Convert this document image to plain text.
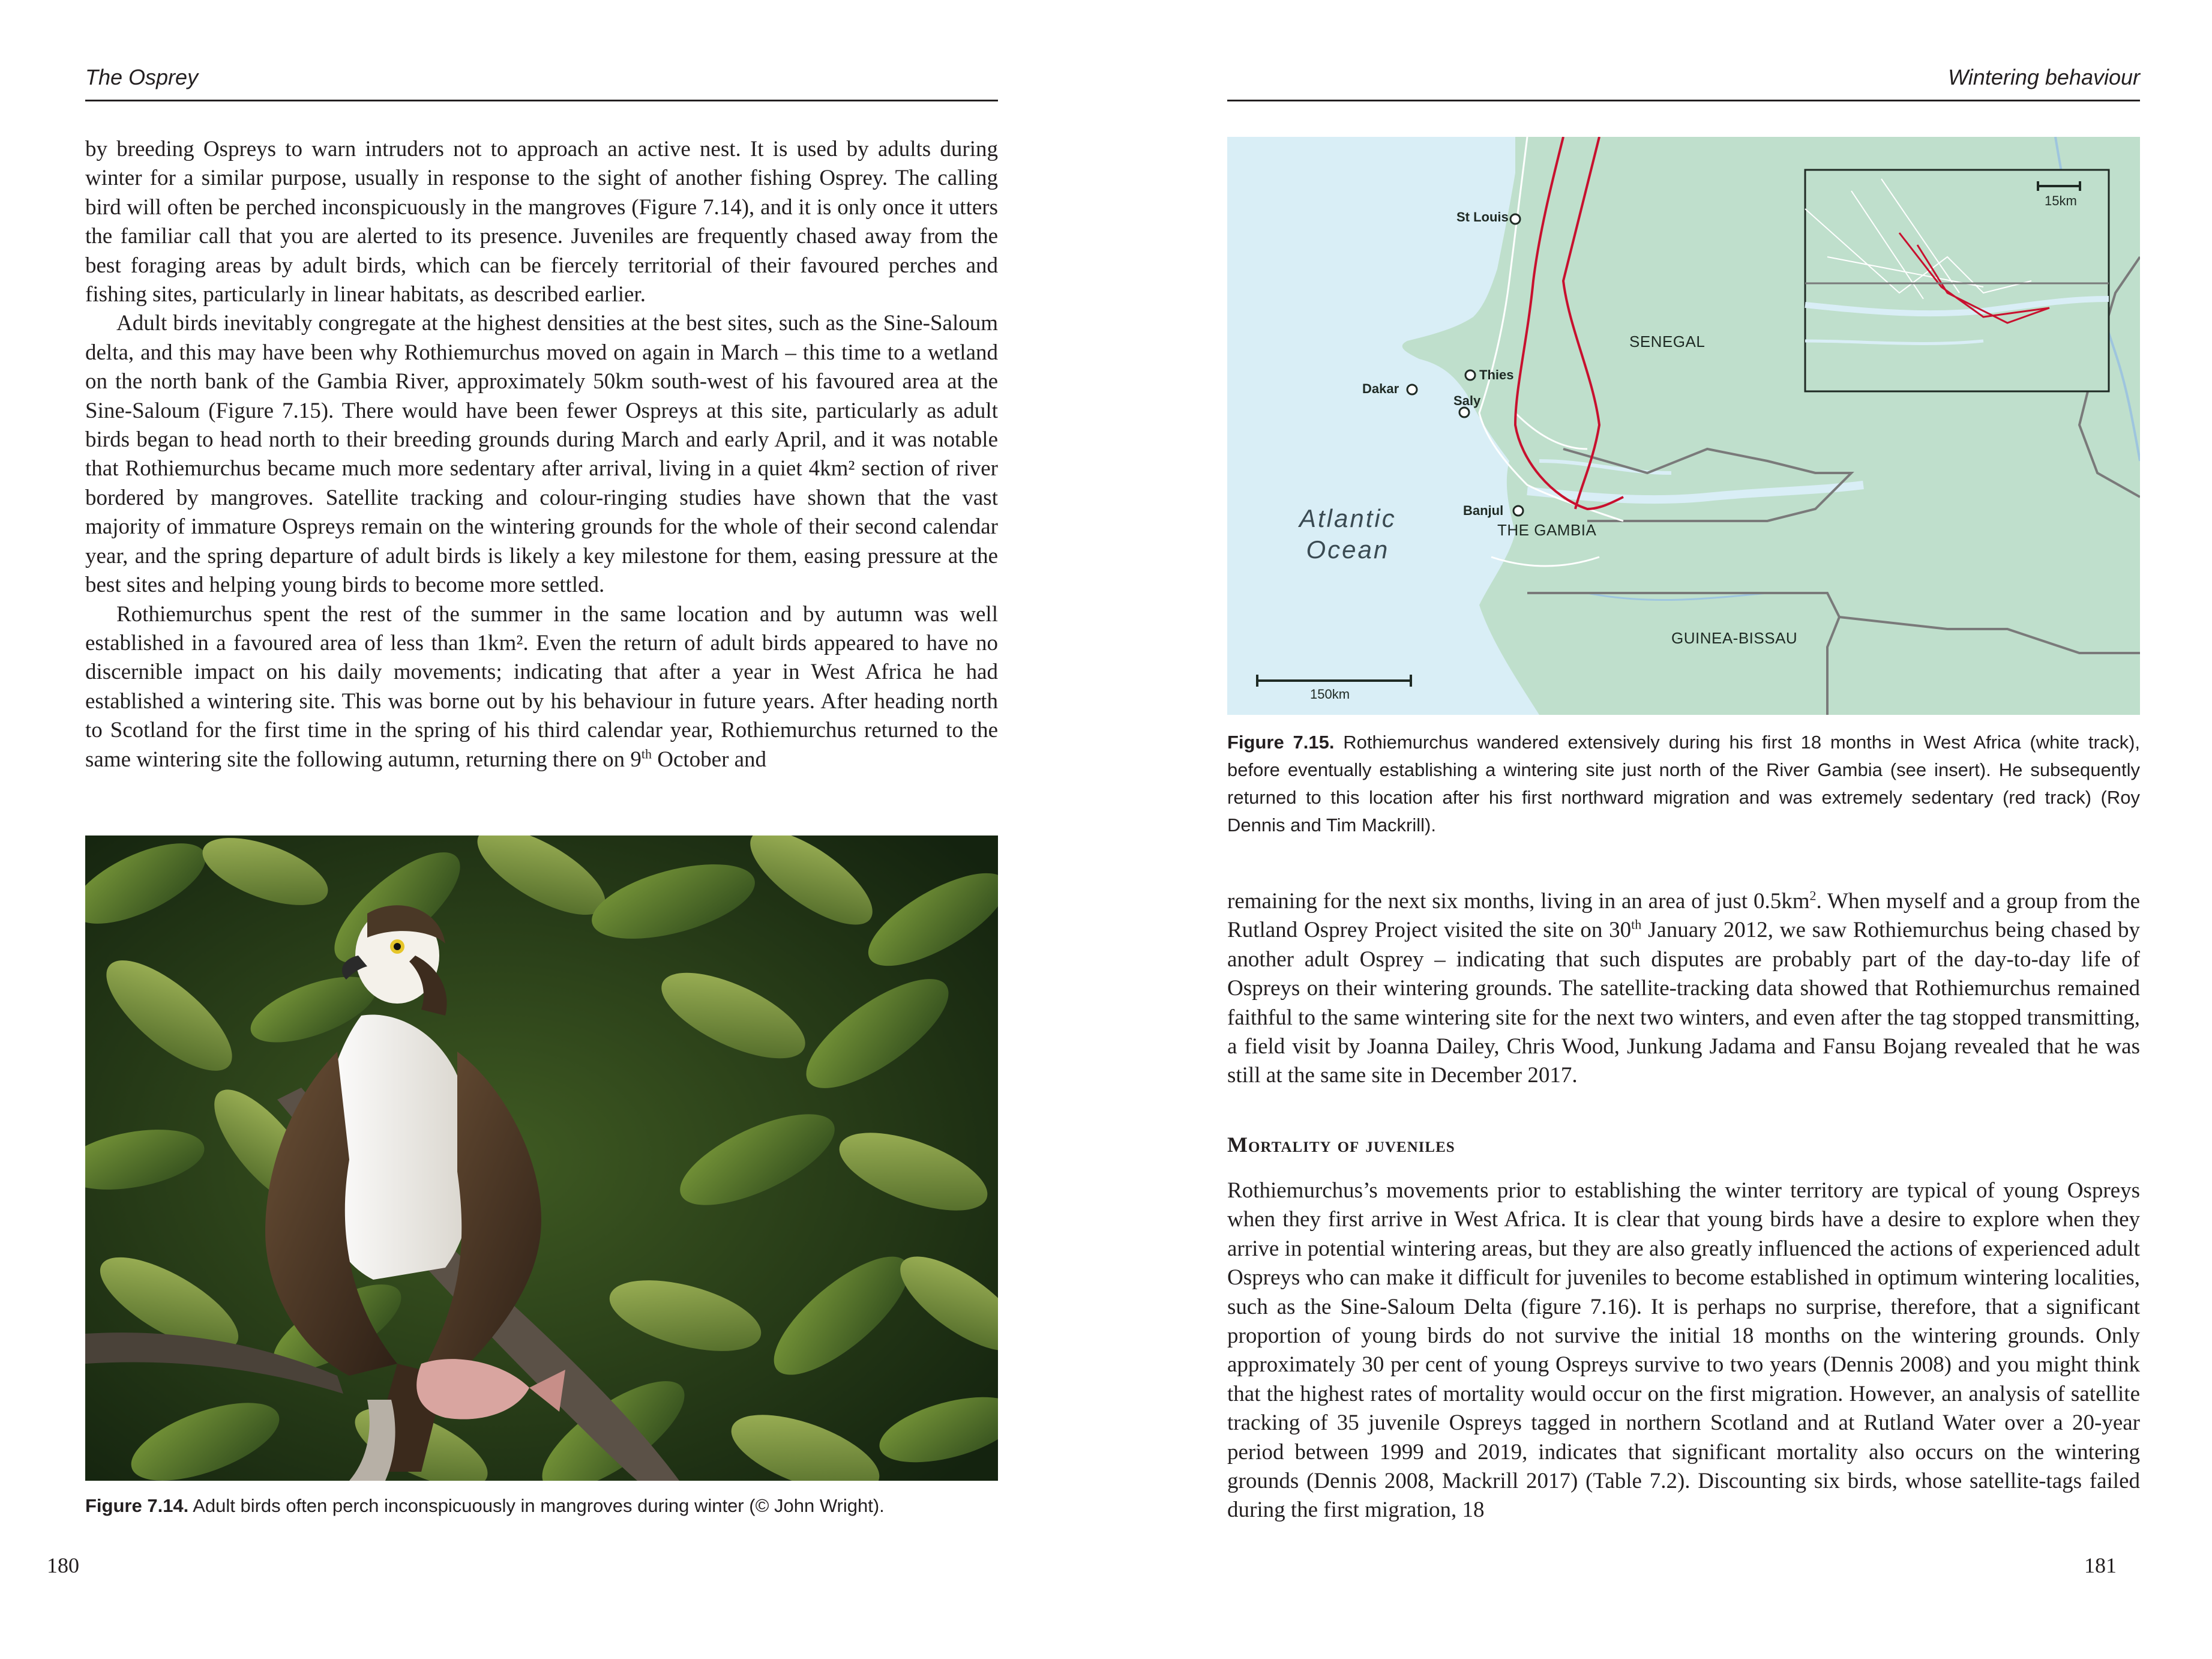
The Osprey

by breeding Ospreys to warn intruders not to approach an active nest. It is used by adults during winter for a similar purpose, usually in response to the sight of another fishing Osprey. The calling bird will often be perched inconspicuously in the mangroves (Figure 7.14), and it is only once it utters the familiar call that you are alerted to its presence. Juveniles are frequently chased away from the best foraging areas by adult birds, which can be fiercely territorial of their favoured perches and fishing sites, particularly in linear habitats, as described earlier.

Adult birds inevitably congregate at the highest densities at the best sites, such as the Sine-Saloum delta, and this may have been why Rothiemurchus moved on again in March – this time to a wetland on the north bank of the Gambia River, approximately 50km south-west of his favoured area at the Sine-Saloum (Figure 7.15). There would have been fewer Ospreys at this site, particularly as adult birds began to head north to their breeding grounds during March and early April, and it was notable that Rothiemurchus became much more sedentary after arrival, living in a quiet 4km² section of river bordered by mangroves. Satellite tracking and colour-ringing studies have shown that the vast majority of immature Ospreys remain on the wintering grounds for the whole of their second calendar year, and the spring departure of adult birds is likely a key milestone for them, easing pressure at the best sites and helping young birds to become more settled.

Rothiemurchus spent the rest of the summer in the same location and by autumn was well established in a favoured area of less than 1km². Even the return of adult birds appeared to have no discernible impact on his daily movements; indicating that after a year in West Africa he had established a wintering site. This was borne out by his behaviour in future years. After heading north to Scotland for the first time in the spring of his third calendar year, Rothiemurchus returned to the same wintering site the following autumn, returning there on 9th October and

Figure 7.14. Adult birds often perch inconspicuously in mangroves during winter (© John Wright).

180
Wintering behaviour
St Louis
Thies
Dakar
Saly
Banjul
SENEGAL
THE GAMBIA
GUINEA-BISSAU
Atlantic
Ocean
150km
15km

Figure 7.15. Rothiemurchus wandered extensively during his first 18 months in West Africa (white track), before eventually establishing a wintering site just north of the River Gambia (see insert). He subsequently returned to this location after his first northward migration and was extremely sedentary (red track) (Roy Dennis and Tim Mackrill).

remaining for the next six months, living in an area of just $0.5km^2$. When myself and a group from the Rutland Osprey Project visited the site on 30th January 2012, we saw Rothiemurchus being chased by another adult Osprey – indicating that such disputes are probably part of the day-to-day life of Ospreys on their wintering grounds. The satellite-tracking data showed that Rothiemurchus remained faithful to the same wintering site for the next two winters, and even after the tag stopped transmitting, a field visit by Joanna Dailey, Chris Wood, Junkung Jadama and Fansu Bojang revealed that he was still at the same site in December 2017.

Mortality of juveniles

Rothiemurchus’s movements prior to establishing the winter territory are typical of young Ospreys when they first arrive in West Africa. It is clear that young birds have a desire to explore when they arrive in potential wintering areas, but they are also greatly influenced the actions of experienced adult Ospreys who can make it difficult for juveniles to become established in optimum wintering localities, such as the Sine-Saloum Delta (figure 7.16). It is perhaps no surprise, therefore, that a significant proportion of young birds do not survive the initial 18 months on the wintering grounds. Only approximately 30 per cent of young Ospreys survive to two years (Dennis 2008) and you might think that the highest rates of mortality would occur on the first migration. However, an analysis of satellite tracking of 35 juvenile Ospreys tagged in northern Scotland and at Rutland Water over a 20-year period between 1999 and 2019, indicates that significant mortality also occurs on the wintering grounds (Dennis 2008, Mackrill 2017) (Table 7.2). Discounting six birds, whose satellite-tags failed during the first migration, 18

181
